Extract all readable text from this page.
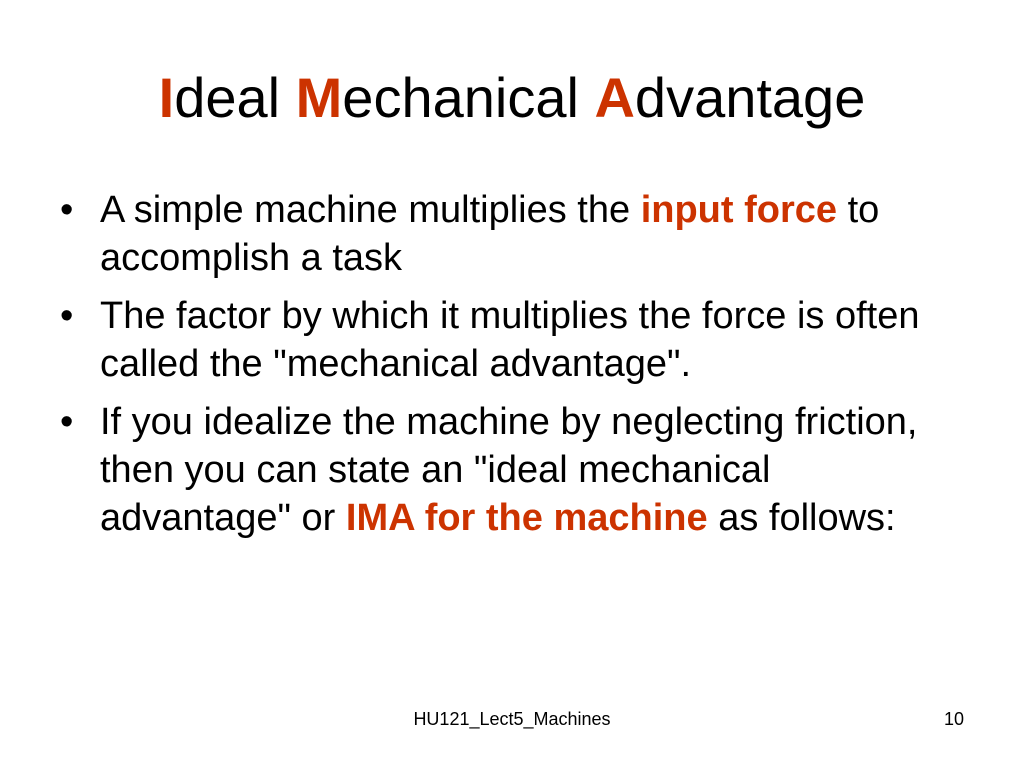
Ideal Mechanical Advantage
• A simple machine multiplies the input force to accomplish a task
• The factor by which it multiplies the force is often called the "mechanical advantage".
• If you idealize the machine by neglecting friction, then you can state an "ideal mechanical advantage" or IMA for the machine as follows:
HU121_Lect5_Machines	10
